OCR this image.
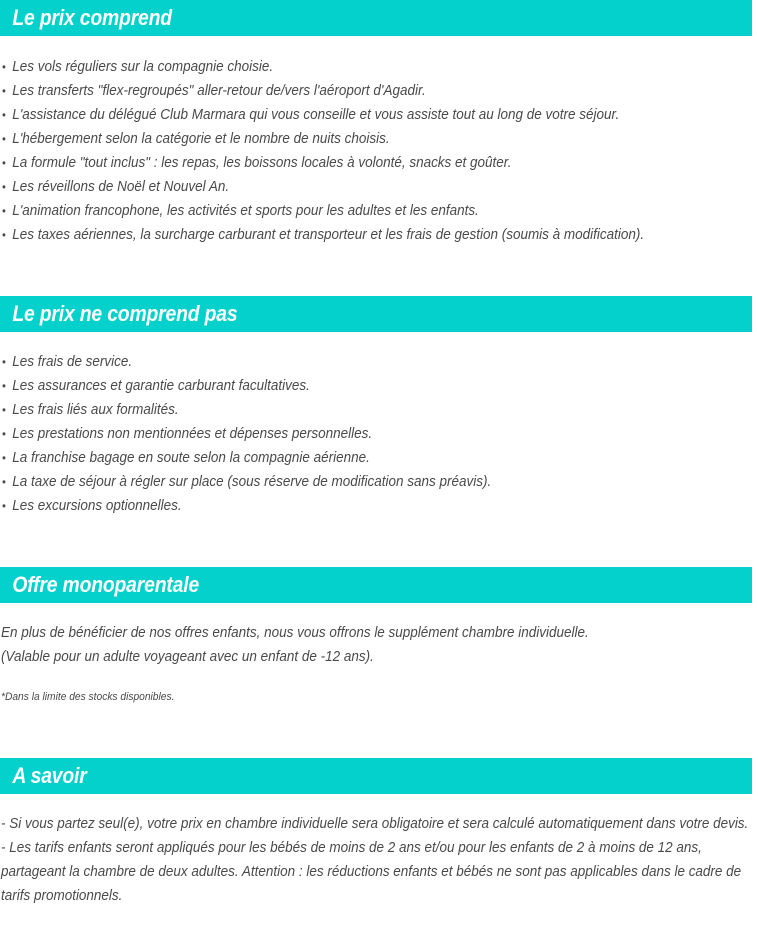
Le prix comprend
• Les vols réguliers sur la compagnie choisie.
• Les transferts "flex-regroupés" aller-retour de/vers l'aéroport d'Agadir.
• L'assistance du délégué Club Marmara qui vous conseille et vous assiste tout au long de votre séjour.
• L'hébergement selon la catégorie et le nombre de nuits choisis.
• La formule "tout inclus" : les repas, les boissons locales à volonté, snacks et goûter.
• Les réveillons de Noël et Nouvel An.
• L'animation francophone, les activités et sports pour les adultes et les enfants.
• Les taxes aériennes, la surcharge carburant et transporteur et les frais de gestion (soumis à modification).
Le prix ne comprend pas
• Les frais de service.
• Les assurances et garantie carburant facultatives.
• Les frais liés aux formalités.
• Les prestations non mentionnées et dépenses personnelles.
• La franchise bagage en soute selon la compagnie aérienne.
• La taxe de séjour à régler sur place (sous réserve de modification sans préavis).
• Les excursions optionnelles.
Offre monoparentale

En plus de bénéficier de nos offres enfants, nous vous offrons le supplément chambre individuelle.

(Valable pour un adulte voyageant avec un enfant de -12 ans).

*Dans la limite des stocks disponibles.

A savoir

- Si vous partez seul(e), votre prix en chambre individuelle sera obligatoire et sera calculé automatiquement dans votre devis.

- Les tarifs enfants seront appliqués pour les bébés de moins de 2 ans et/ou pour les enfants de 2 à moins de 12 ans, partageant la chambre de deux adultes. Attention : les réductions enfants et bébés ne sont pas applicables dans le cadre de tarifs promotionnels.
